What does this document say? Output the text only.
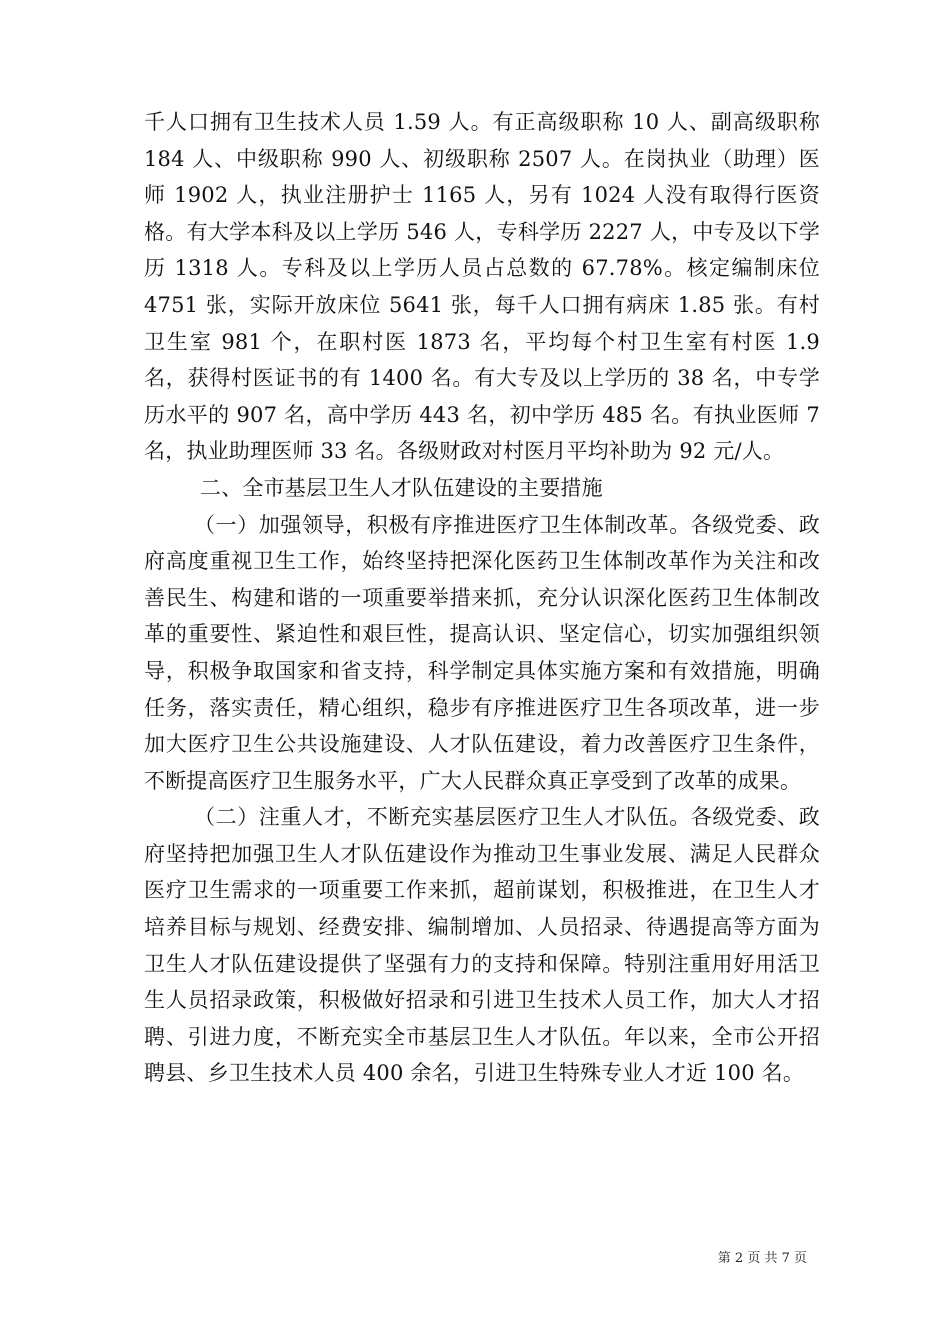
千人口拥有卫生技术人员 1.59 人。有正高级职称 10 人、副高级职称 184 人、中级职称 990 人、初级职称 2507 人。在岗执业（助理）医师 1902 人，执业注册护士 1165 人，另有 1024 人没有取得行医资格。有大学本科及以上学历 546 人，专科学历 2227 人，中专及以下学历 1318 人。专科及以上学历人员占总数的 67.78%。核定编制床位 4751 张，实际开放床位 5641 张，每千人口拥有病床 1.85 张。有村卫生室 981 个，在职村医 1873 名，平均每个村卫生室有村医 1.9 名，获得村医证书的有 1400 名。有大专及以上学历的 38 名，中专学历水平的 907 名，高中学历 443 名，初中学历 485 名。有执业医师 7 名，执业助理医师 33 名。各级财政对村医月平均补助为 92 元/人。

二、全市基层卫生人才队伍建设的主要措施

（一）加强领导，积极有序推进医疗卫生体制改革。各级党委、政府高度重视卫生工作，始终坚持把深化医药卫生体制改革作为关注和改善民生、构建和谐的一项重要举措来抓，充分认识深化医药卫生体制改革的重要性、紧迫性和艰巨性，提高认识、坚定信心，切实加强组织领导，积极争取国家和省支持，科学制定具体实施方案和有效措施，明确任务，落实责任，精心组织，稳步有序推进医疗卫生各项改革，进一步加大医疗卫生公共设施建设、人才队伍建设，着力改善医疗卫生条件，不断提高医疗卫生服务水平，广大人民群众真正享受到了改革的成果。

（二）注重人才，不断充实基层医疗卫生人才队伍。各级党委、政府坚持把加强卫生人才队伍建设作为推动卫生事业发展、满足人民群众医疗卫生需求的一项重要工作来抓，超前谋划，积极推进，在卫生人才培养目标与规划、经费安排、编制增加、人员招录、待遇提高等方面为卫生人才队伍建设提供了坚强有力的支持和保障。特别注重用好用活卫生人员招录政策，积极做好招录和引进卫生技术人员工作，加大人才招聘、引进力度，不断充实全市基层卫生人才队伍。年以来，全市公开招聘县、乡卫生技术人员 400 余名，引进卫生特殊专业人才近 100 名。

第 2 页 共 7 页
